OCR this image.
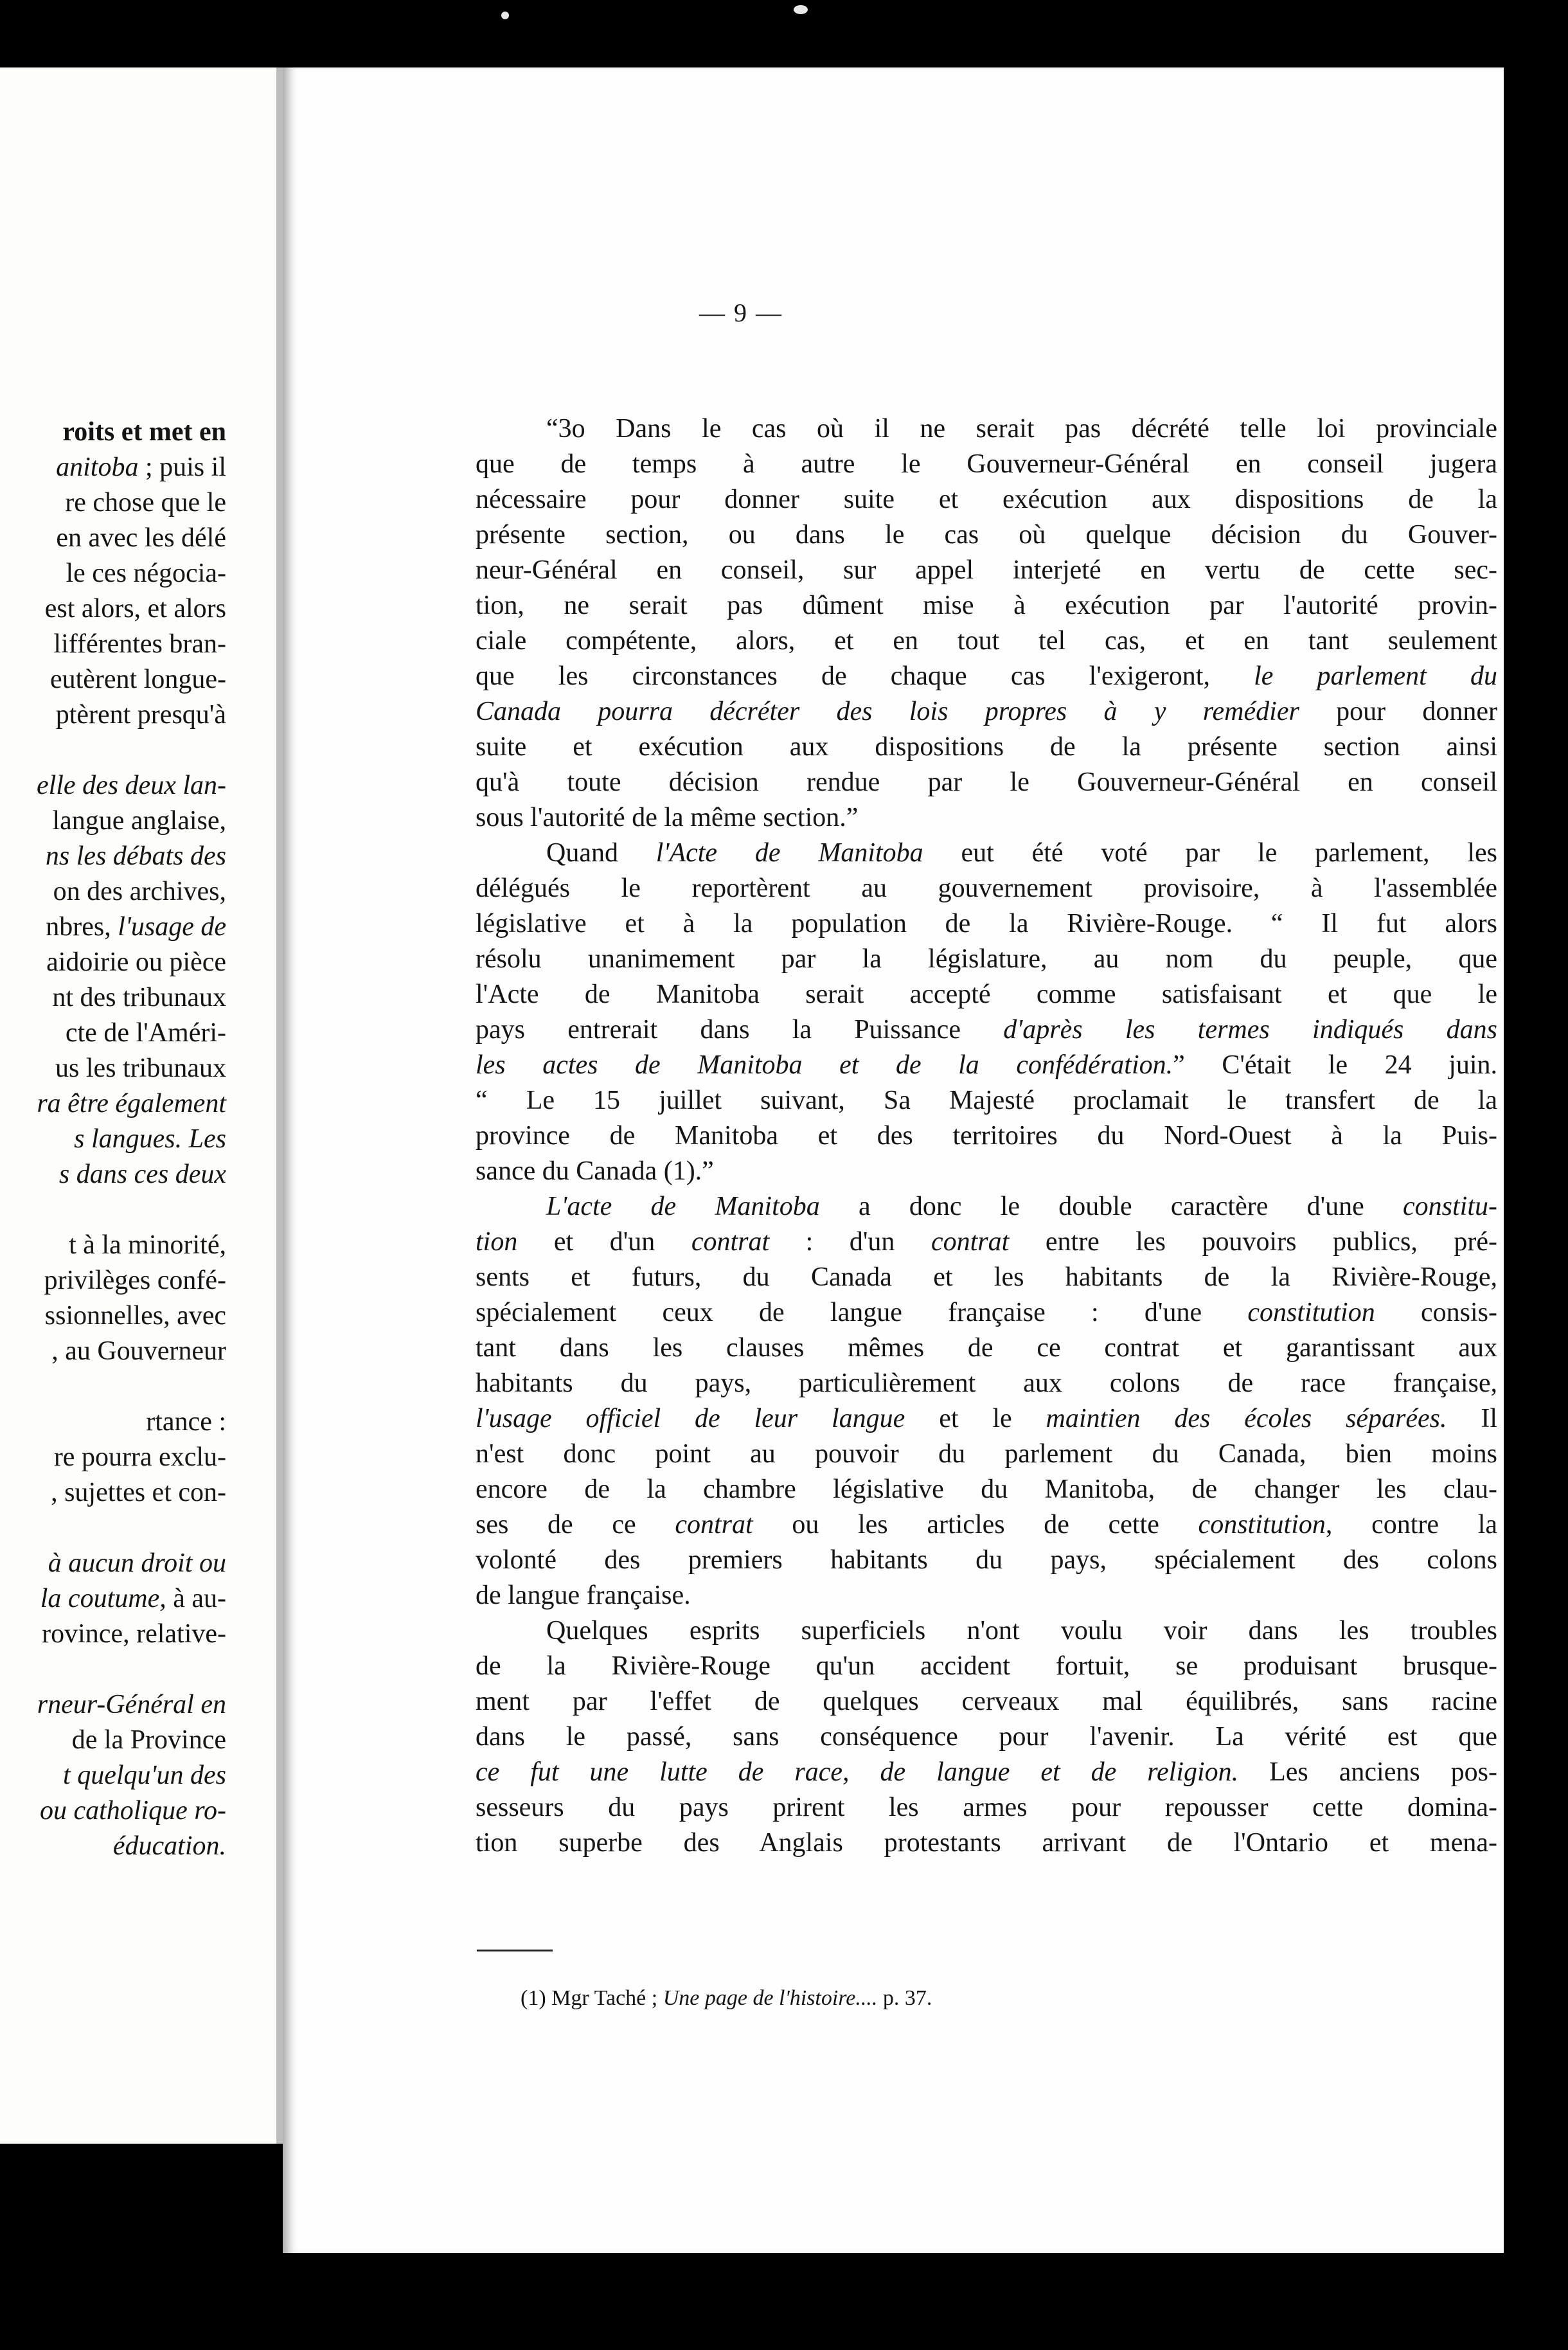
roits et met en
anitoba ; puis il
re chose que le
en avec les délé
le ces négocia-
est alors, et alors
lifférentes bran-
eutèrent longue-
ptèrent presqu'à
elle des deux lan-
langue anglaise,
ns les débats des
on des archives,
nbres, l'usage de
aidoirie ou pièce
nt des tribunaux
cte de l'Améri-
us les tribunaux
ra être également
s langues. Les
s dans ces deux
t à la minorité,
privilèges confé-
ssionnelles, avec
, au Gouverneur
rtance :
re pourra exclu-
, sujettes et con-
à aucun droit ou
la coutume, à au-
rovince, relative-
rneur-Général en
de la Province
t quelqu'un des
ou catholique ro-
éducation.
— 9 —
“3o Dans le cas où il ne serait pas décrété telle loi provinciale
que de temps à autre le Gouverneur-Général en conseil jugera
nécessaire pour donner suite et exécution aux dispositions de la
présente section, ou dans le cas où quelque décision du Gouver-
neur-Général en conseil, sur appel interjeté en vertu de cette sec-
tion, ne serait pas dûment mise à exécution par l'autorité provin-
ciale compétente, alors, et en tout tel cas, et en tant seulement
que les circonstances de chaque cas l'exigeront, le parlement du
Canada pourra décréter des lois propres à y remédier pour donner
suite et exécution aux dispositions de la présente section ainsi
qu'à toute décision rendue par le Gouverneur-Général en conseil
sous l'autorité de la même section.”
Quand l'Acte de Manitoba eut été voté par le parlement, les
délégués le reportèrent au gouvernement provisoire, à l'assemblée
législative et à la population de la Rivière-Rouge. “ Il fut alors
résolu unanimement par la législature, au nom du peuple, que
l'Acte de Manitoba serait accepté comme satisfaisant et que le
pays entrerait dans la Puissance d'après les termes indiqués dans
les actes de Manitoba et de la confédération.” C'était le 24 juin.
“ Le 15 juillet suivant, Sa Majesté proclamait le transfert de la
province de Manitoba et des territoires du Nord-Ouest à la Puis-
sance du Canada (1).”
L'acte de Manitoba a donc le double caractère d'une constitu-
tion et d'un contrat : d'un contrat entre les pouvoirs publics, pré-
sents et futurs, du Canada et les habitants de la Rivière-Rouge,
spécialement ceux de langue française : d'une constitution consis-
tant dans les clauses mêmes de ce contrat et garantissant aux
habitants du pays, particulièrement aux colons de race française,
l'usage officiel de leur langue et le maintien des écoles séparées. Il
n'est donc point au pouvoir du parlement du Canada, bien moins
encore de la chambre législative du Manitoba, de changer les clau-
ses de ce contrat ou les articles de cette constitution, contre la
volonté des premiers habitants du pays, spécialement des colons
de langue française.
Quelques esprits superficiels n'ont voulu voir dans les troubles
de la Rivière-Rouge qu'un accident fortuit, se produisant brusque-
ment par l'effet de quelques cerveaux mal équilibrés, sans racine
dans le passé, sans conséquence pour l'avenir. La vérité est que
ce fut une lutte de race, de langue et de religion. Les anciens pos-
sesseurs du pays prirent les armes pour repousser cette domina-
tion superbe des Anglais protestants arrivant de l'Ontario et mena-
(1) Mgr Taché ; Une page de l'histoire.... p. 37.
